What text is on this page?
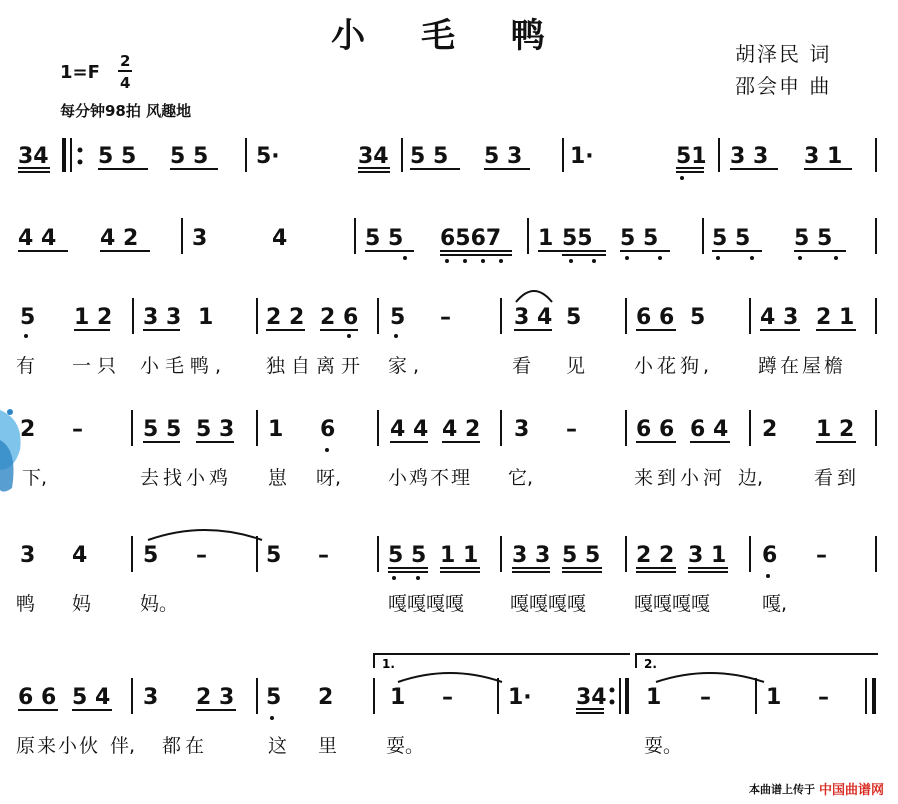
小 毛 鸭	胡泽民 词
邵会申 曲
1=F
2
4
每分钟98拍 风趣地
34 5 5 5 5 5·	34 5 5 5 3 1·	51 3 3 3 1
4 4 4 2 3	4	5 5 6567 1 55 5 5 5 5 5 5
5 1 2 3 3 1 2 2 2 6 5 –	3 4 5 6 6 5 4 3 2 1
有 一只 小毛鸭, 独自离开 家,	看 见	小花狗, 蹲在屋檐
2 –	5 5 5 3 1 6 4 4 4 2 3 –	6 6 6 4 2 1 2
下,	去找小鸡 崽 呀, 小鸡不理 它,	来到小河 边,	看到
3 4	5 –	5 –	5 5 1 1 3 3 5 5 2 2 3 1 6 –
鸭 妈	妈。	嘎嘎嘎嘎 嘎嘎嘎嘎	嘎嘎嘎嘎	嘎,
1.	2.
6 6 5 4 3 2 3 5 2	1 –	1· 34 1 –	1 –
原来小伙 伴, 都在	这 里	耍。	耍。
本曲谱上传于 中国曲谱网
